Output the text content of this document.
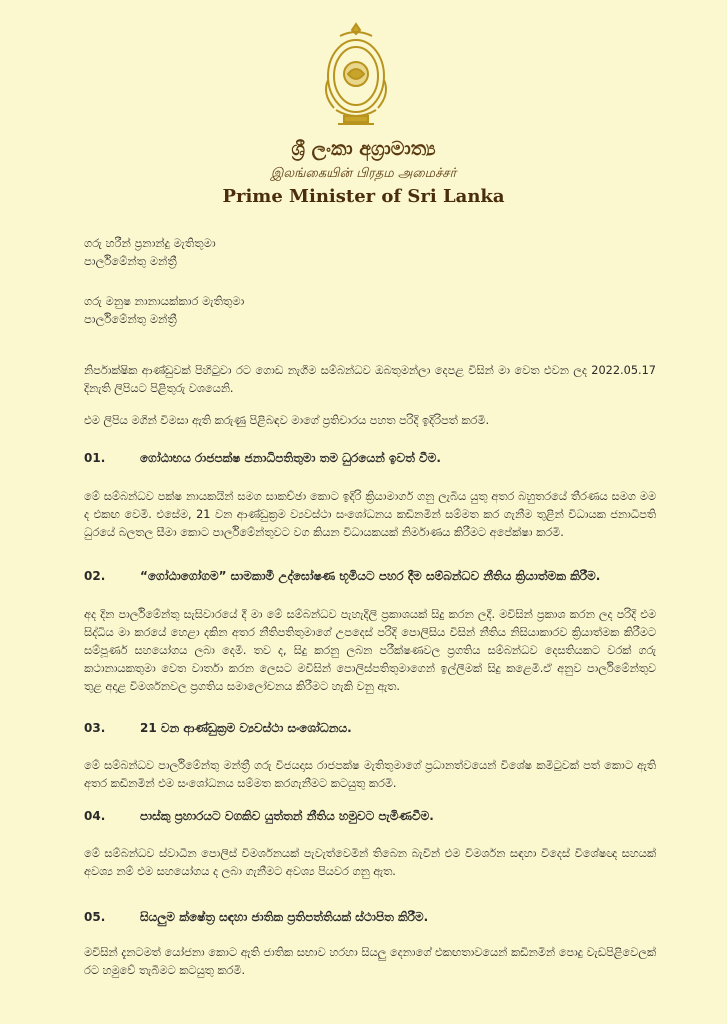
ශ්‍රී ලංකා අග්‍රාමාත්‍ය
இலங்கையின் பிரதம அமைச்சர்
Prime Minister of Sri Lanka
ගරු හරීන් ප්‍රනාන්දු මැතිතුමා
පාර්ලිමේන්තු මන්ත්‍රී
ගරු මනුෂ නානායක්කාර මැතිතුමා
පාර්ලිමේන්තු මන්ත්‍රී
නිර්පාක්ෂික ආණ්ඩුවක් පිහිටුවා රට ගොඩ නැගීම සම්බන්ධව ඔබතුමන්ලා දෙපළ විසින් මා වෙත එවන ලද 2022.05.17 දිනැති ලිපියට පිළිතුරු වශයෙනි.
එම ලිපිය මගින් විමසා ඇති කරුණු පිළිබඳව මාගේ ප්‍රතිචාරය පහත පරිදි ඉදිරිපත් කරමි.
01.	ගෝඨාභය රාජපක්ෂ ජනාධිපතිතුමා තම ධුරයෙන් ඉවත් වීම.
මේ සම්බන්ධව පක්ෂ නායකයින් සමග සාකච්ඡා කොට ඉදිරි ක්‍රියාමාර්ග ගනු ලැබිය යුතු අතර බහුතරයේ තීරණය සමග මම ද එකඟ වෙමි. එසේම, 21 වන ආණ්ඩුක්‍රම ව්‍යවස්ථා සංශෝධනය කඩිනමින් සම්මත කර ගැනීම තුළින් විධායක ජනාධිපති ධුරයේ බලතල සීමා කොට පාර්ලිමේන්තුවට වග කියන විධායකයක් නිර්මාණය කිරීමට අපේක්ෂා කරමි.
02.	“ගෝඨාගෝගම” සාමකාමී උද්ඝෝෂණ භූමියට පහර දීම සම්බන්ධව නීතිය ක්‍රියාත්මක කිරීම.
අද දින පාර්ලිමේන්තු සැසිවාරයේ දී මා මේ සම්බන්ධව පැහැදිලි ප්‍රකාශයක් සිදු කරන ලදී. මවිසින් ප්‍රකාශ කරන ලද පරිදි එම සිද්ධිය මා කරයේ හෙළා දකින අතර නීතිපතිතුමාගේ උපදෙස් පරිදි පොලිසිය විසින් නීතිය නිසියාකාරව ක්‍රියාත්මක කිරීමට සම්පූර්ණ සහයෝගය ලබා දෙමි. තව ද, සිදු කරනු ලබන පරීක්ෂණවල ප්‍රගතිය සම්බන්ධව දෙසතියකට වරක් ගරු කථානායකතුමා වෙත වාර්තා කරන ලෙසට මවිසින් පොලිස්පතිතුමාගෙන් ඉල්ලීමක් සිදු කළෙමි.ඒ අනුව පාර්ලිමේන්තුව තුළ අදාළ විමර්ශනවල ප්‍රගතිය සමාලෝචනය කිරීමට හැකි වනු ඇත.
03.	21 වන ආණ්ඩුක්‍රම ව්‍යවස්ථා සංශෝධනය.
මේ සම්බන්ධව පාර්ලිමේන්තු මන්ත්‍රී ගරු විජයදාස රාජපක්ෂ මැතිතුමාගේ ප්‍රධානත්වයෙන් විශේෂ කමිටුවක් පත් කොට ඇති අතර කඩිනමින් එම සංශෝධනය සම්මත කරගැනීමට කටයුතු කරමි.
04.	පාස්කු ප්‍රහාරයට වගකිව යුත්තන් නීතිය හමුවට පැමිණවීම.
මේ සම්බන්ධව ස්වාධීන පොලිස් විමර්ශනයක් පැවැත්වෙමින් තිබෙන බැවින් එම විමර්ශන සඳහා විදෙස් විශේෂඥ සහයක් අවශ්‍ය නම් එම සහයෝගය ද ලබා ගැනීමට අවශ්‍ය පියවර ගනු ඇත.
05.	සියලුම ක්ෂේත්‍ර සඳහා ජාතික ප්‍රතිපත්තියක් ස්ථාපිත කිරීම.
මවිසින් දැනටමත් යෝජනා කොට ඇති ජාතික සභාව හරහා සියලු දෙනාගේ එකඟතාවයෙන් කඩිනමින් පොදු වැඩපිළිවෙලක් රට හමුවේ තැබීමට කටයුතු කරමි.
